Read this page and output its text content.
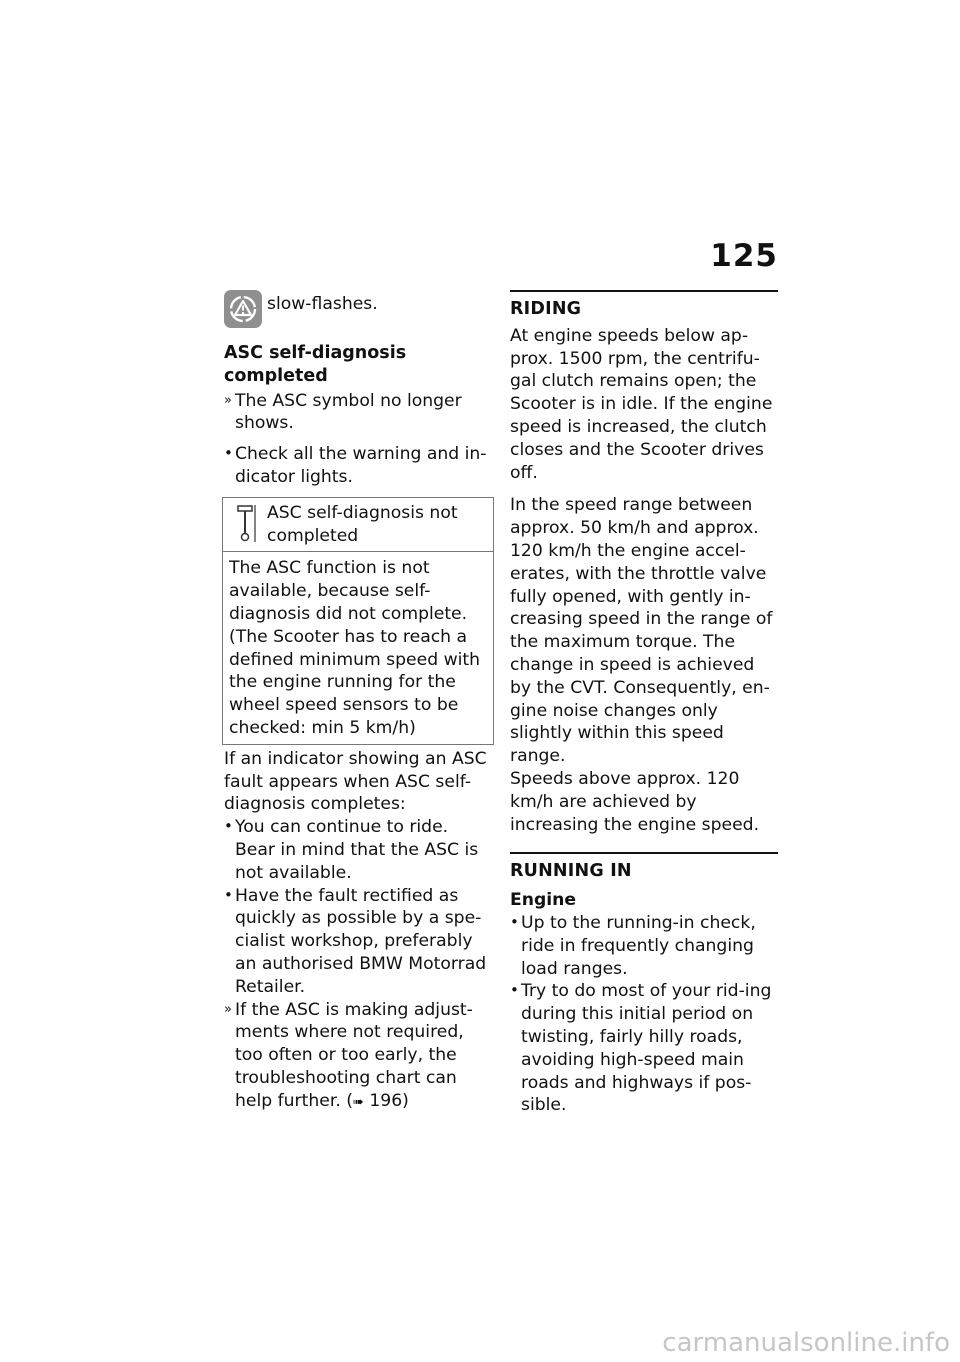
125
slow-flashes.
ASC self-diagnosis completed
» The ASC symbol no longer shows.
• Check all the warning and in-dicator lights.
ASC self-diagnosis not completed
The ASC function is not available, because self-diagnosis did not complete. (The Scooter has to reach a defined minimum speed with the engine running for the wheel speed sensors to be checked: min 5 km/h)
If an indicator showing an ASC fault appears when ASC self-diagnosis completes:
• You can continue to ride. Bear in mind that the ASC is not available.
• Have the fault rectified as quickly as possible by a spe-cialist workshop, preferably an authorised BMW Motorrad Retailer.
» If the ASC is making adjust-ments where not required, too often or too early, the troubleshooting chart can help further. (➠ 196)
RIDING

At engine speeds below ap-prox. 1500 rpm, the centrifu-gal clutch remains open; the Scooter is in idle. If the engine speed is increased, the clutch closes and the Scooter drives off.

In the speed range between approx. 50 km/h and approx. 120 km/h the engine accel-erates, with the throttle valve fully opened, with gently in-creasing speed in the range of the maximum torque. The change in speed is achieved by the CVT. Consequently, en-gine noise changes only slightly within this speed range.

Speeds above approx. 120 km/h are achieved by increasing the engine speed.

RUNNING IN
Engine
• Up to the running-in check, ride in frequently changing load ranges.
• Try to do most of your rid-ing during this initial period on twisting, fairly hilly roads, avoiding high-speed main roads and highways if pos-sible.
carmanualsonline.info
